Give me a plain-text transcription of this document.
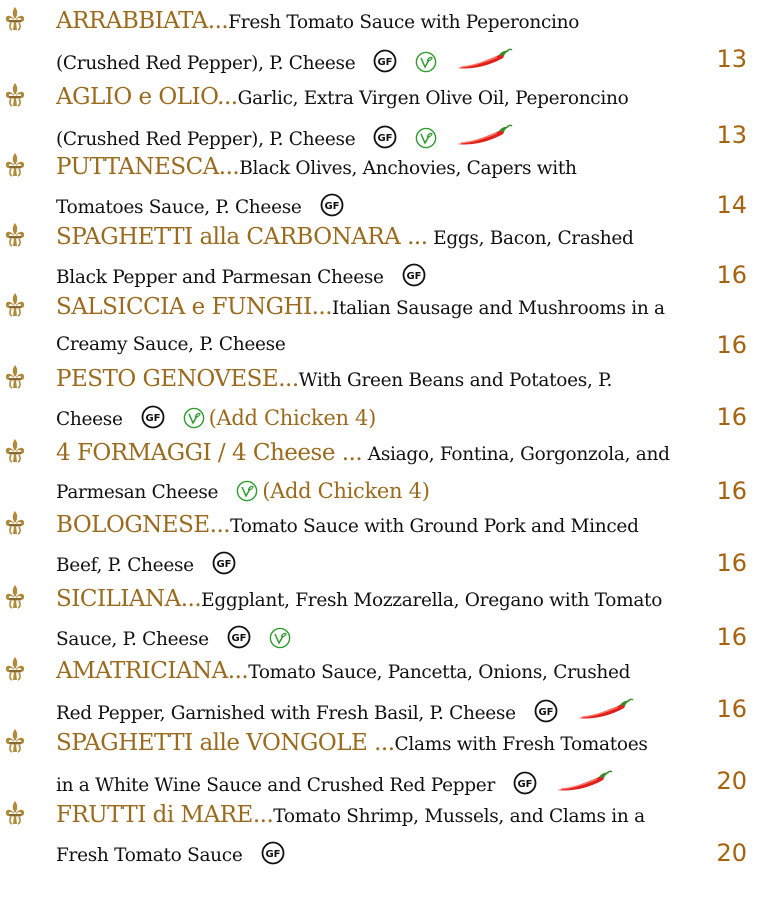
ARRABBIATA...Fresh Tomato Sauce with Peperoncino
(Crushed Red Pepper), P. Cheese GF	13
AGLIO e OLIO...Garlic, Extra Virgen Olive Oil, Peperoncino
(Crushed Red Pepper), P. Cheese GF	13
PUTTANESCA...Black Olives, Anchovies, Capers with
Tomatoes Sauce, P. Cheese GF	14
SPAGHETTI alla CARBONARA ... Eggs, Bacon, Crashed
Black Pepper and Parmesan Cheese GF	16
SALSICCIA e FUNGHI...Italian Sausage and Mushrooms in a
Creamy Sauce, P. Cheese	16
PESTO GENOVESE...With Green Beans and Potatoes, P.
Cheese GF (Add Chicken 4)	16
4 FORMAGGI / 4 Cheese ... Asiago, Fontina, Gorgonzola, and
Parmesan Cheese (Add Chicken 4)	16
BOLOGNESE...Tomato Sauce with Ground Pork and Minced
Beef, P. Cheese GF	16
SICILIANA...Eggplant, Fresh Mozzarella, Oregano with Tomato
Sauce, P. Cheese GF	16
AMATRICIANA...Tomato Sauce, Pancetta, Onions, Crushed
Red Pepper, Garnished with Fresh Basil, P. Cheese GF	16
SPAGHETTI alle VONGOLE ...Clams with Fresh Tomatoes
in a White Wine Sauce and Crushed Red Pepper GF	20
FRUTTI di MARE...Tomato Shrimp, Mussels, and Clams in a
Fresh Tomato Sauce GF	20
